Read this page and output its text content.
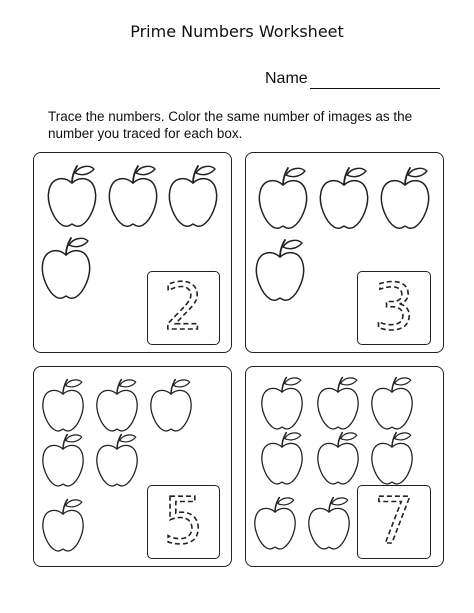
Prime Numbers Worksheet
Name
Trace the numbers. Color the same number of images as the number you traced for each box.
2	3
5	7
